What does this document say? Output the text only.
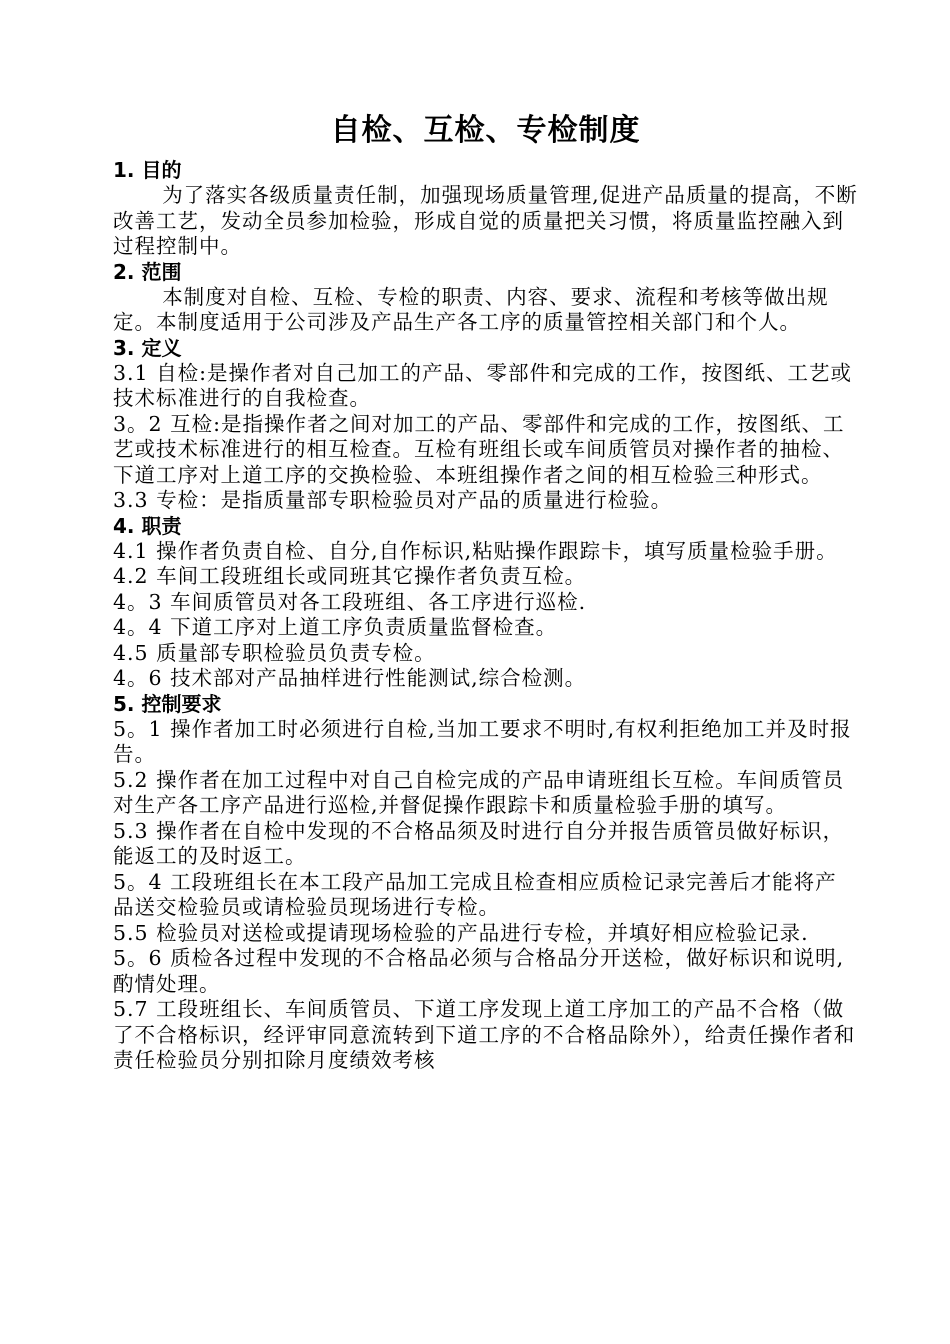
自检、互检、专检制度
1. 目的

为了落实各级质量责任制，加强现场质量管理,促进产品质量的提高，不断改善工艺，发动全员参加检验，形成自觉的质量把关习惯，将质量监控融入到过程控制中。

2. 范围

本制度对自检、互检、专检的职责、内容、要求、流程和考核等做出规定。本制度适用于公司涉及产品生产各工序的质量管控相关部门和个人。

3. 定义

3.1 自检:是操作者对自己加工的产品、零部件和完成的工作，按图纸、工艺或技术标准进行的自我检查。

3。2 互检:是指操作者之间对加工的产品、零部件和完成的工作，按图纸、工艺或技术标准进行的相互检查。互检有班组长或车间质管员对操作者的抽检、下道工序对上道工序的交换检验、本班组操作者之间的相互检验三种形式。

3.3 专检：是指质量部专职检验员对产品的质量进行检验。

4. 职责

4.1 操作者负责自检、自分,自作标识,粘贴操作跟踪卡，填写质量检验手册。

4.2 车间工段班组长或同班其它操作者负责互检。

4。3 车间质管员对各工段班组、各工序进行巡检.

4。4 下道工序对上道工序负责质量监督检查。

4.5 质量部专职检验员负责专检。

4。6 技术部对产品抽样进行性能测试,综合检测。

5. 控制要求

5。1 操作者加工时必须进行自检,当加工要求不明时,有权利拒绝加工并及时报告。

5.2 操作者在加工过程中对自己自检完成的产品申请班组长互检。车间质管员对生产各工序产品进行巡检,并督促操作跟踪卡和质量检验手册的填写。

5.3 操作者在自检中发现的不合格品须及时进行自分并报告质管员做好标识，能返工的及时返工。

5。4 工段班组长在本工段产品加工完成且检查相应质检记录完善后才能将产品送交检验员或请检验员现场进行专检。

5.5 检验员对送检或提请现场检验的产品进行专检，并填好相应检验记录.

5。6 质检各过程中发现的不合格品必须与合格品分开送检，做好标识和说明,酌情处理。

5.7 工段班组长、车间质管员、下道工序发现上道工序加工的产品不合格（做了不合格标识，经评审同意流转到下道工序的不合格品除外），给责任操作者和责任检验员分别扣除月度绩效考核
